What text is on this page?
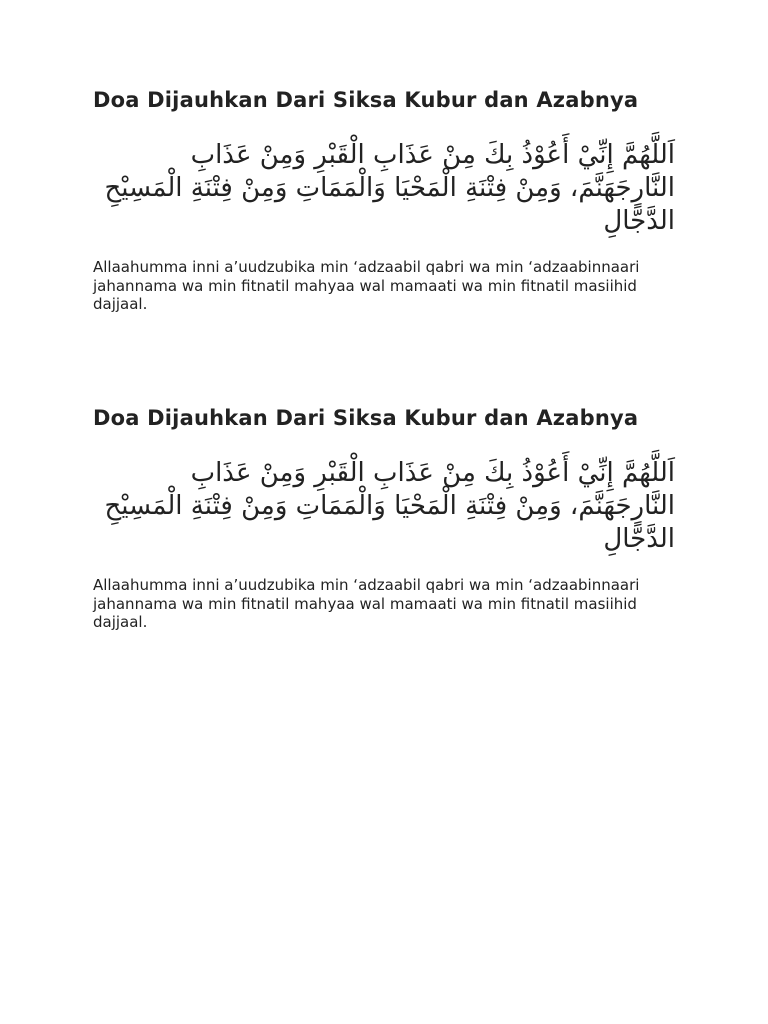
Doa Dijauhkan Dari Siksa Kubur dan Azabnya

اَللَّهُمَّ إِنِّيْ أَعُوْذُ بِكَ مِنْ عَذَابِ الْقَبْرِ وَمِنْ عَذَابِ النَّارِجَهَنَّمَ، وَمِنْ فِتْنَةِ الْمَحْيَا وَالْمَمَاتِ وَمِنْ فِتْنَةِ الْمَسِيْحِ الدَّجَّالِ

Allaahumma inni a’uudzubika min ‘adzaabil qabri wa min ‘adzaabinnaari jahannama wa min fitnatil mahyaa wal mamaati wa min fitnatil masiihid dajjaal.

Doa Dijauhkan Dari Siksa Kubur dan Azabnya

اَللَّهُمَّ إِنِّيْ أَعُوْذُ بِكَ مِنْ عَذَابِ الْقَبْرِ وَمِنْ عَذَابِ النَّارِجَهَنَّمَ، وَمِنْ فِتْنَةِ الْمَحْيَا وَالْمَمَاتِ وَمِنْ فِتْنَةِ الْمَسِيْحِ الدَّجَّالِ

Allaahumma inni a’uudzubika min ‘adzaabil qabri wa min ‘adzaabinnaari jahannama wa min fitnatil mahyaa wal mamaati wa min fitnatil masiihid dajjaal.
